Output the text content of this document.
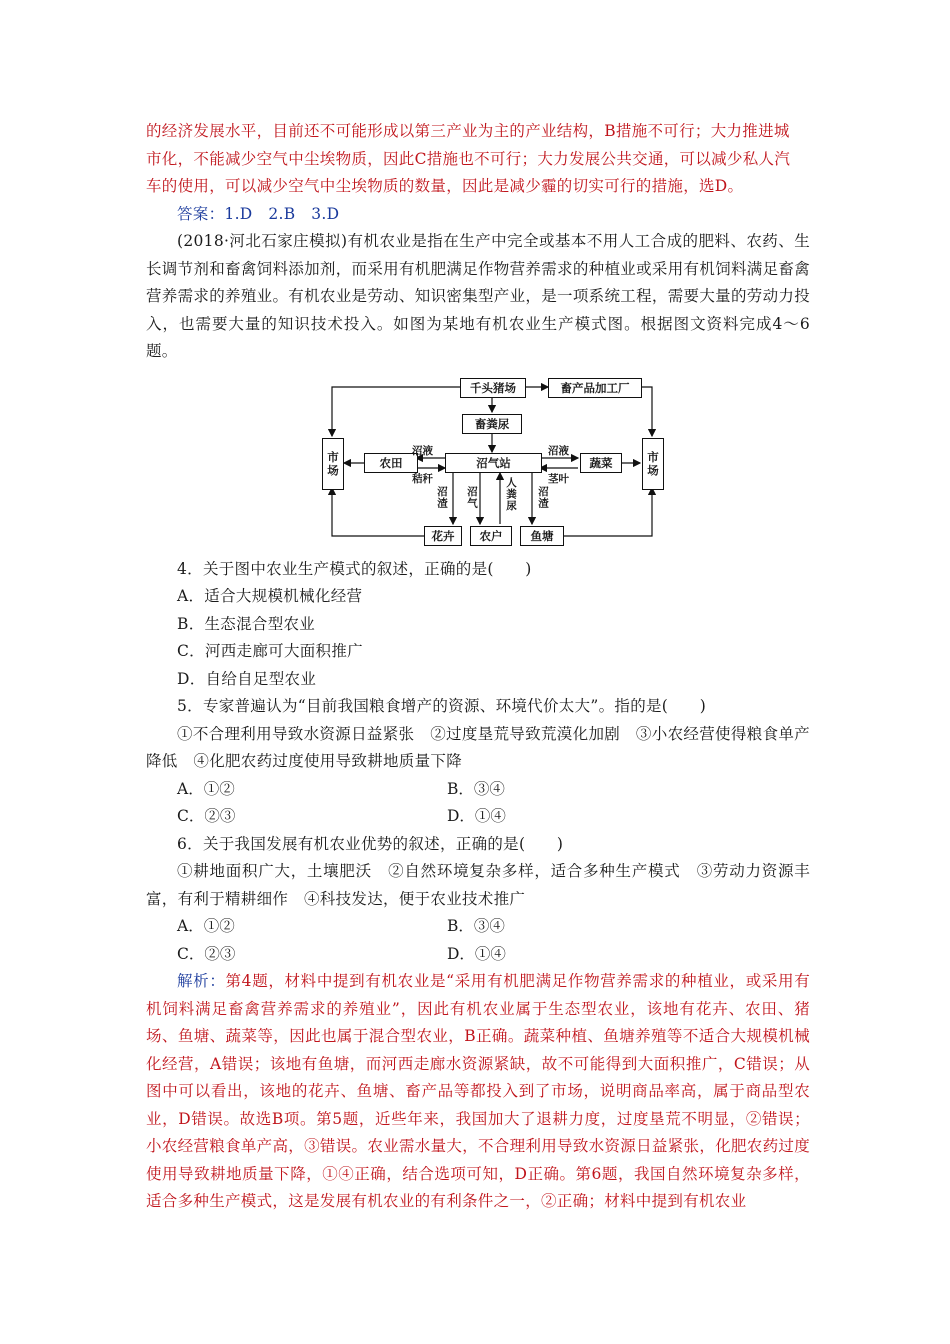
的经济发展水平，目前还不可能形成以第三产业为主的产业结构，B措施不可行；大力推进城

市化，不能减少空气中尘埃物质，因此C措施也不可行；大力发展公共交通，可以减少私人汽

车的使用，可以减少空气中尘埃物质的数量，因此是减少霾的切实可行的措施，选D。

答案：1.D　2.B　3.D

(2018·河北石家庄模拟)有机农业是指在生产中完全或基本不用人工合成的肥料、农药、生长调节剂和畜禽饲料添加剂，而采用有机肥满足作物营养需求的种植业或采用有机饲料满足畜禽营养需求的养殖业。有机农业是劳动、知识密集型产业，是一项系统工程，需要大量的劳动力投入，也需要大量的知识技术投入。如图为某地有机农业生产模式图。根据图文资料完成4～6题。

4．关于图中农业生产模式的叙述，正确的是(　　)

A．适合大规模机械化经营

B．生态混合型农业

C．河西走廊可大面积推广

D．自给自足型农业

5．专家普遍认为“目前我国粮食增产的资源、环境代价太大”。指的是(　　)

①不合理利用导致水资源日益紧张　②过度垦荒导致荒漠化加剧　③小农经营使得粮食单产降低　④化肥农药过度使用导致耕地质量下降

A．①②	B．③④
C．②③	D．①④

6．关于我国发展有机农业优势的叙述，正确的是(　　)

①耕地面积广大，土壤肥沃　②自然环境复杂多样，适合多种生产模式　③劳动力资源丰富，有利于精耕细作　④科技发达，便于农业技术推广

A．①②	B．③④
C．②③	D．①④

解析：第4题，材料中提到有机农业是“采用有机肥满足作物营养需求的种植业，或采用有机饲料满足畜禽营养需求的养殖业”，因此有机农业属于生态型农业，该地有花卉、农田、猪场、鱼塘、蔬菜等，因此也属于混合型农业，B正确。蔬菜种植、鱼塘养殖等不适合大规模机械化经营，A错误；该地有鱼塘，而河西走廊水资源紧缺，故不可能得到大面积推广，C错误；从图中可以看出，该地的花卉、鱼塘、畜产品等都投入到了市场，说明商品率高，属于商品型农业，D错误。故选B项。第5题，近些年来，我国加大了退耕力度，过度垦荒不明显，②错误；小农经营粮食单产高，③错误。农业需水量大，不合理利用导致水资源日益紧张，化肥农药过度使用导致耕地质量下降，①④正确，结合选项可知，D正确。第6题，我国自然环境复杂多样，适合多种生产模式，这是发展有机农业的有利条件之一，②正确；材料中提到有机农业

千头猪场	畜产品加工厂
畜粪尿
市场	市场
农田	沼气站	蔬菜
花卉	农户	鱼塘
沼液
秸秆
沼液
茎叶
沼渣 沼气	人粪尿 沼渣
